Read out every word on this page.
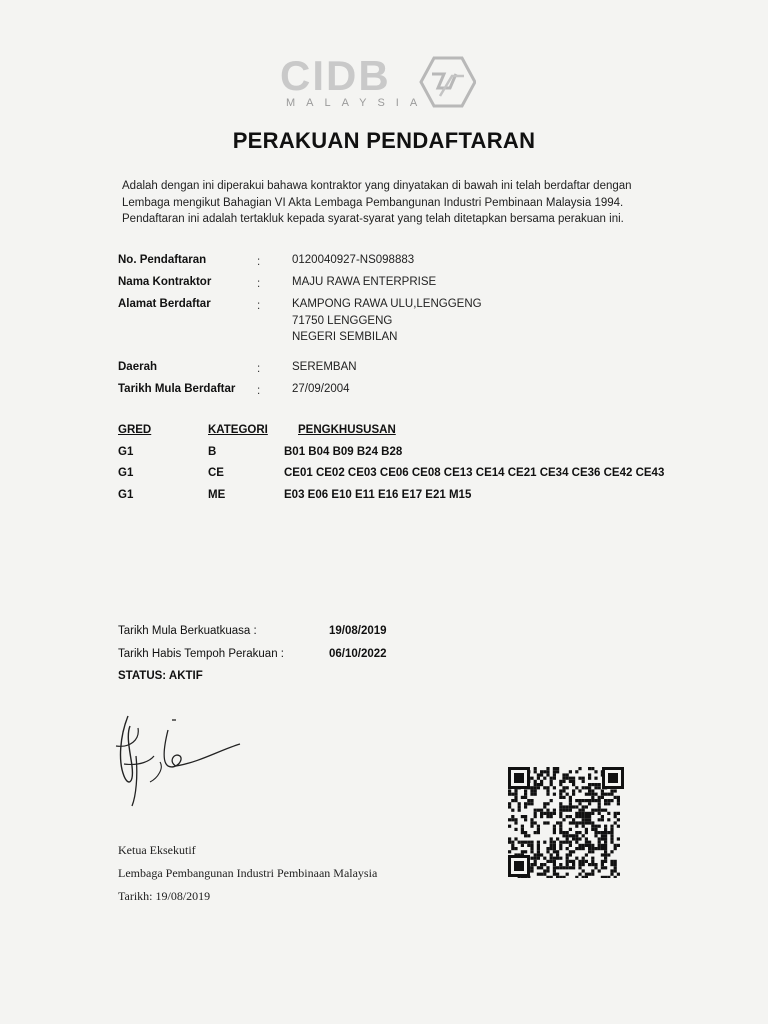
CIDB
MALAYSIA
PERAKUAN PENDAFTARAN
Adalah dengan ini diperakui bahawa kontraktor yang dinyatakan di bawah ini telah berdaftar dengan
Lembaga mengikut Bahagian VI Akta Lembaga Pembangunan Industri Pembinaan Malaysia 1994.
Pendaftaran ini adalah tertakluk kepada syarat-syarat yang telah ditetapkan bersama perakuan ini.
No. Pendaftaran	:	0120040927-NS098883
Nama Kontraktor	:	MAJU RAWA ENTERPRISE
Alamat Berdaftar	:	KAMPONG RAWA ULU,LENGGENG
71750 LENGGENG
NEGERI SEMBILAN
Daerah	:	SEREMBAN
Tarikh Mula Berdaftar :	27/09/2004
GRED	KATEGORI	PENGKHUSUSAN
G1	B	B01 B04 B09 B24 B28
G1	CE	CE01 CE02 CE03 CE06 CE08 CE13 CE14 CE21 CE34 CE36 CE42 CE43
G1	ME	E03 E06 E10 E11 E16 E17 E21 M15
Tarikh Mula Berkuatkuasa :	19/08/2019
Tarikh Habis Tempoh Perakuan :	06/10/2022
STATUS: AKTIF
Ketua Eksekutif
Lembaga Pembangunan Industri Pembinaan Malaysia
Tarikh: 19/08/2019
